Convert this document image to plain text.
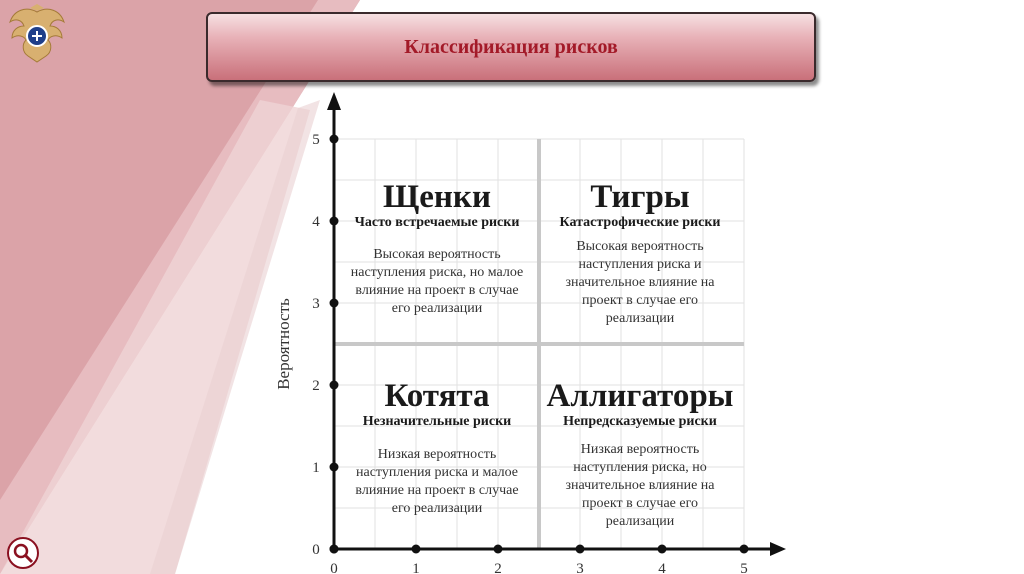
Классификация рисков
0	1	2	3	4	5
0
1
2
3
4
5
Вероятность
Щенки
Часто встречаемые риски
Высокая вероятность
наступления риска, но малое
влияние на проект в случае
его реализации
Тигры
Катастрофические риски
Высокая вероятность
наступления риска и
значительное влияние на
проект в случае его
реализации
Котята
Незначительные риски
Низкая вероятность
наступления риска и малое
влияние на проект в случае
его реализации
Аллигаторы
Непредсказуемые риски
Низкая вероятность
наступления риска, но
значительное влияние на
проект в случае его
реализации
